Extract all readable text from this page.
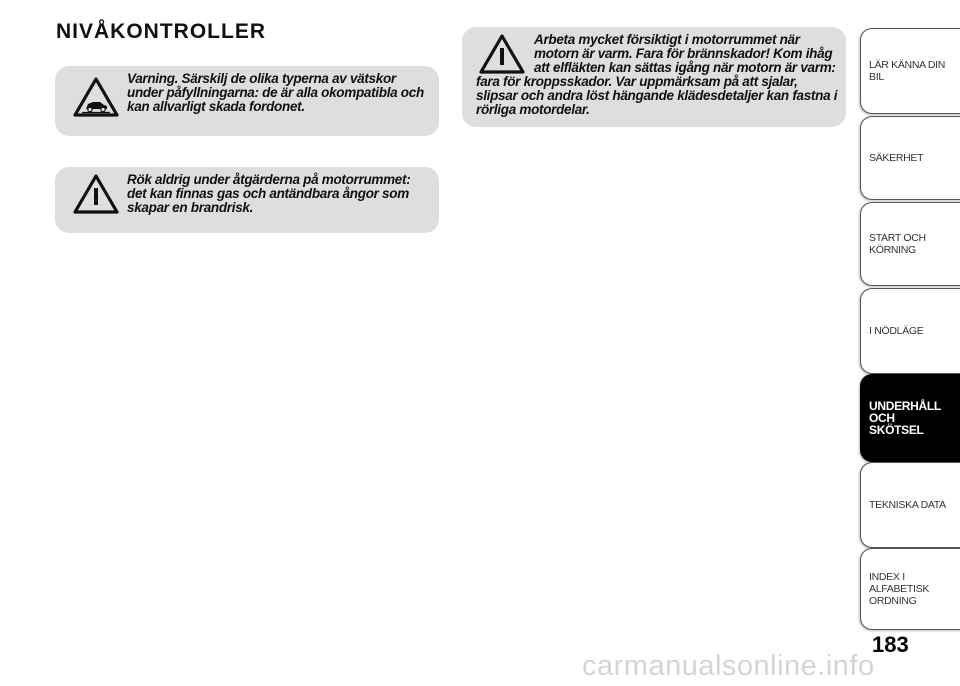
NIVÅKONTROLLER
Varning. Särskilj de olika typerna av vätskor under påfyllningarna: de är alla okompatibla och kan allvarligt skada fordonet.
Rök aldrig under åtgärderna på motorrummet: det kan finnas gas och antändbara ångor som skapar en brandrisk.
Arbeta mycket försiktigt i motorrummet när motorn är varm. Fara för brännskador! Kom ihåg att elfläkten kan sättas igång när motorn är varm: fara för kroppsskador. Var uppmärksam på att sjalar, slipsar och andra löst hängande klädesdetaljer kan fastna i rörliga motordelar.
LÄR KÄNNA DIN BIL
SÄKERHET
START OCH KÖRNING
I NÖDLÄGE
UNDERHÅLL OCH SKÖTSEL
TEKNISKA DATA
INDEX I ALFABETISK ORDNING
183
carmanualsonline.info
